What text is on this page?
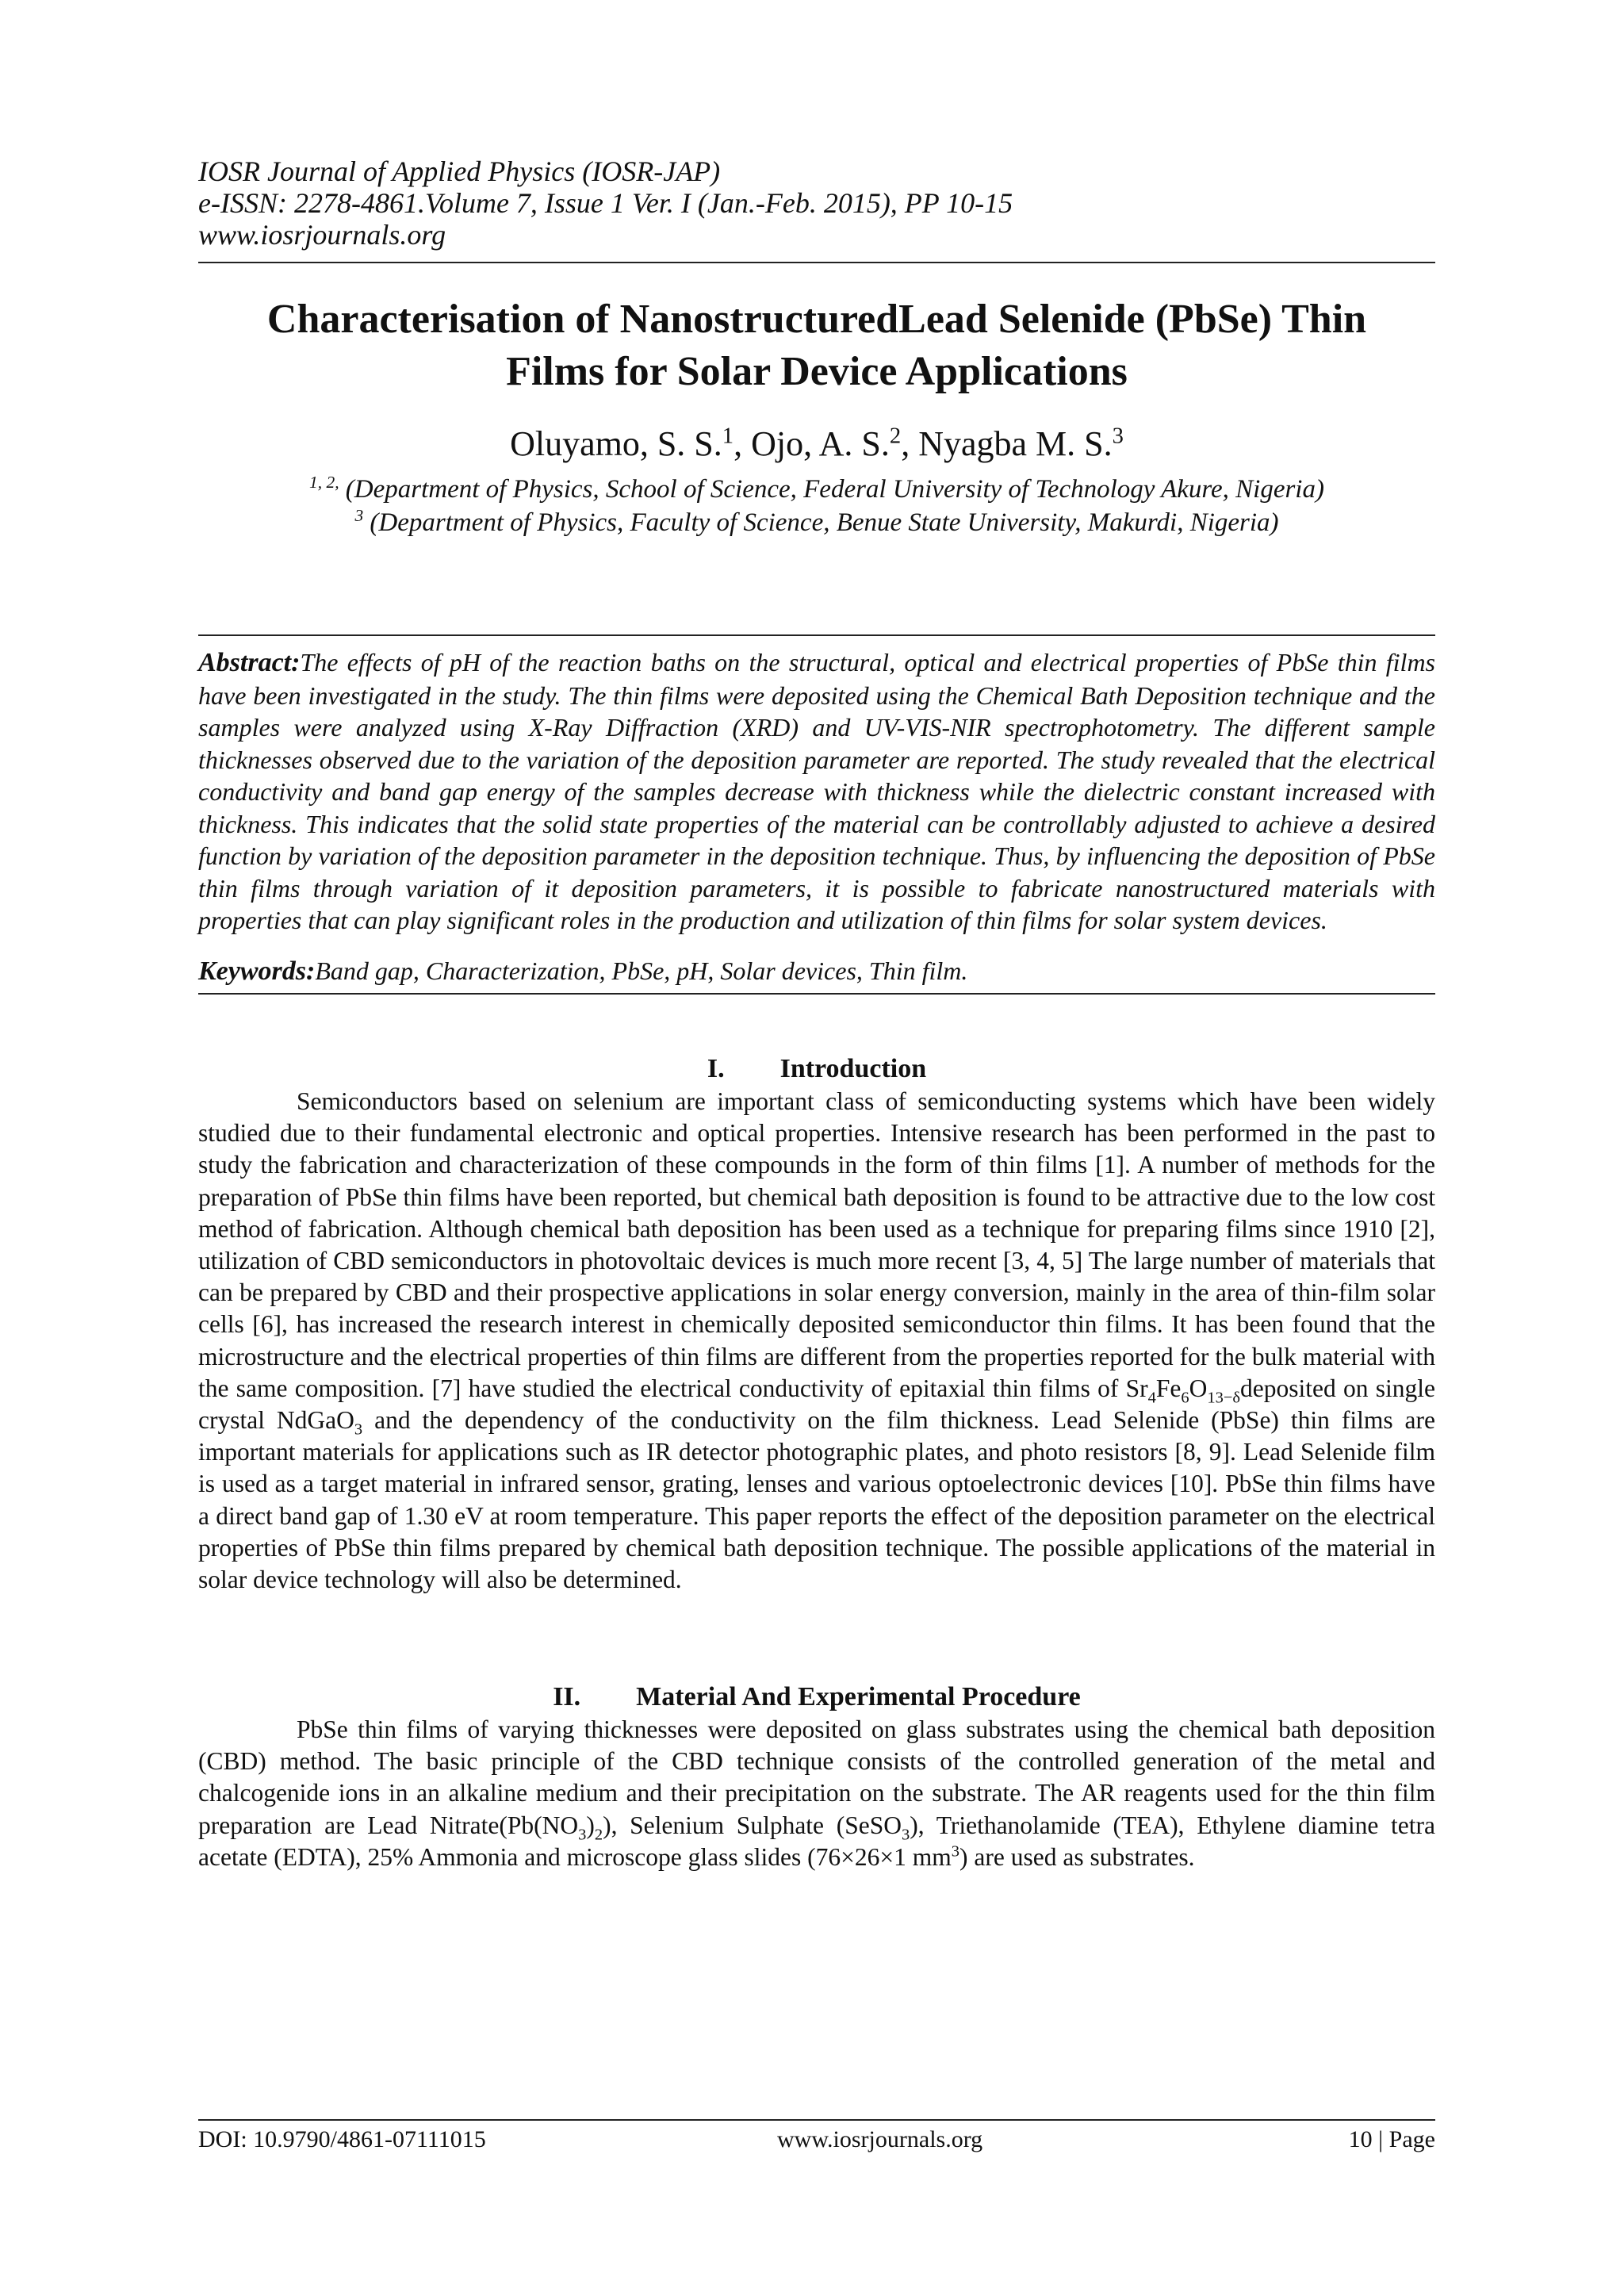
IOSR Journal of Applied Physics (IOSR-JAP)
e-ISSN: 2278-4861.Volume 7, Issue 1 Ver. I (Jan.-Feb. 2015), PP 10-15
www.iosrjournals.org
Characterisation of NanostructuredLead Selenide (PbSe) Thin
Films for Solar Device Applications
Oluyamo, S. S.$^1$, Ojo, A. S.$^2$, Nyagba M. S.$^3$
$^{1, 2,}$ (Department of Physics, School of Science, Federal University of Technology Akure, Nigeria)
$^3$ (Department of Physics, Faculty of Science, Benue State University, Makurdi, Nigeria)
Abstract:The effects of pH of the reaction baths on the structural, optical and electrical properties of PbSe thin films have been investigated in the study. The thin films were deposited using the Chemical Bath Deposition technique and the samples were analyzed using X-Ray Diffraction (XRD) and UV-VIS-NIR spectrophotometry. The different sample thicknesses observed due to the variation of the deposition parameter are reported. The study revealed that the electrical conductivity and band gap energy of the samples decrease with thickness while the dielectric constant increased with thickness. This indicates that the solid state properties of the material can be controllably adjusted to achieve a desired function by variation of the deposition parameter in the deposition technique. Thus, by influencing the deposition of PbSe thin films through variation of it deposition parameters, it is possible to fabricate nanostructured materials with properties that can play significant roles in the production and utilization of thin films for solar system devices.
Keywords:Band gap, Characterization, PbSe, pH, Solar devices, Thin film.
I. Introduction

Semiconductors based on selenium are important class of semiconducting systems which have been widely studied due to their fundamental electronic and optical properties. Intensive research has been performed in the past to study the fabrication and characterization of these compounds in the form of thin films [1]. A number of methods for the preparation of PbSe thin films have been reported, but chemical bath deposition is found to be attractive due to the low cost method of fabrication. Although chemical bath deposition has been used as a technique for preparing films since 1910 [2], utilization of CBD semiconductors in photovoltaic devices is much more recent [3, 4, 5] The large number of materials that can be prepared by CBD and their prospective applications in solar energy conversion, mainly in the area of thin-film solar cells [6], has increased the research interest in chemically deposited semiconductor thin films. It has been found that the microstructure and the electrical properties of thin films are different from the properties reported for the bulk material with the same composition. [7] have studied the electrical conductivity of epitaxial thin films of $Sr_4Fe_6O_{13-\delta}deposited$ on single crystal NdGaO$_3$ and the dependency of the conductivity on the film thickness. Lead Selenide (PbSe) thin films are important materials for applications such as IR detector photographic plates, and photo resistors [8, 9]. Lead Selenide film is used as a target material in infrared sensor, grating, lenses and various optoelectronic devices [10]. PbSe thin films have a direct band gap of 1.30 eV at room temperature. This paper reports the effect of the deposition parameter on the electrical properties of PbSe thin films prepared by chemical bath deposition technique. The possible applications of the material in solar device technology will also be determined.

II. Material And Experimental Procedure

PbSe thin films of varying thicknesses were deposited on glass substrates using the chemical bath deposition (CBD) method. The basic principle of the CBD technique consists of the controlled generation of the metal and chalcogenide ions in an alkaline medium and their precipitation on the substrate. The AR reagents used for the thin film preparation are Lead $Nitrate(Pb(NO_3)_2)$, Selenium Sulphate (SeSO$_3$), Triethanolamide (TEA), Ethylene diamine tetra acetate (EDTA), 25% Ammonia and microscope glass slides (76×26×1 $mm^3$) are used as substrates.

DOI: 10.9790/4861-07111015	www.iosrjournals.org	10 | Page
